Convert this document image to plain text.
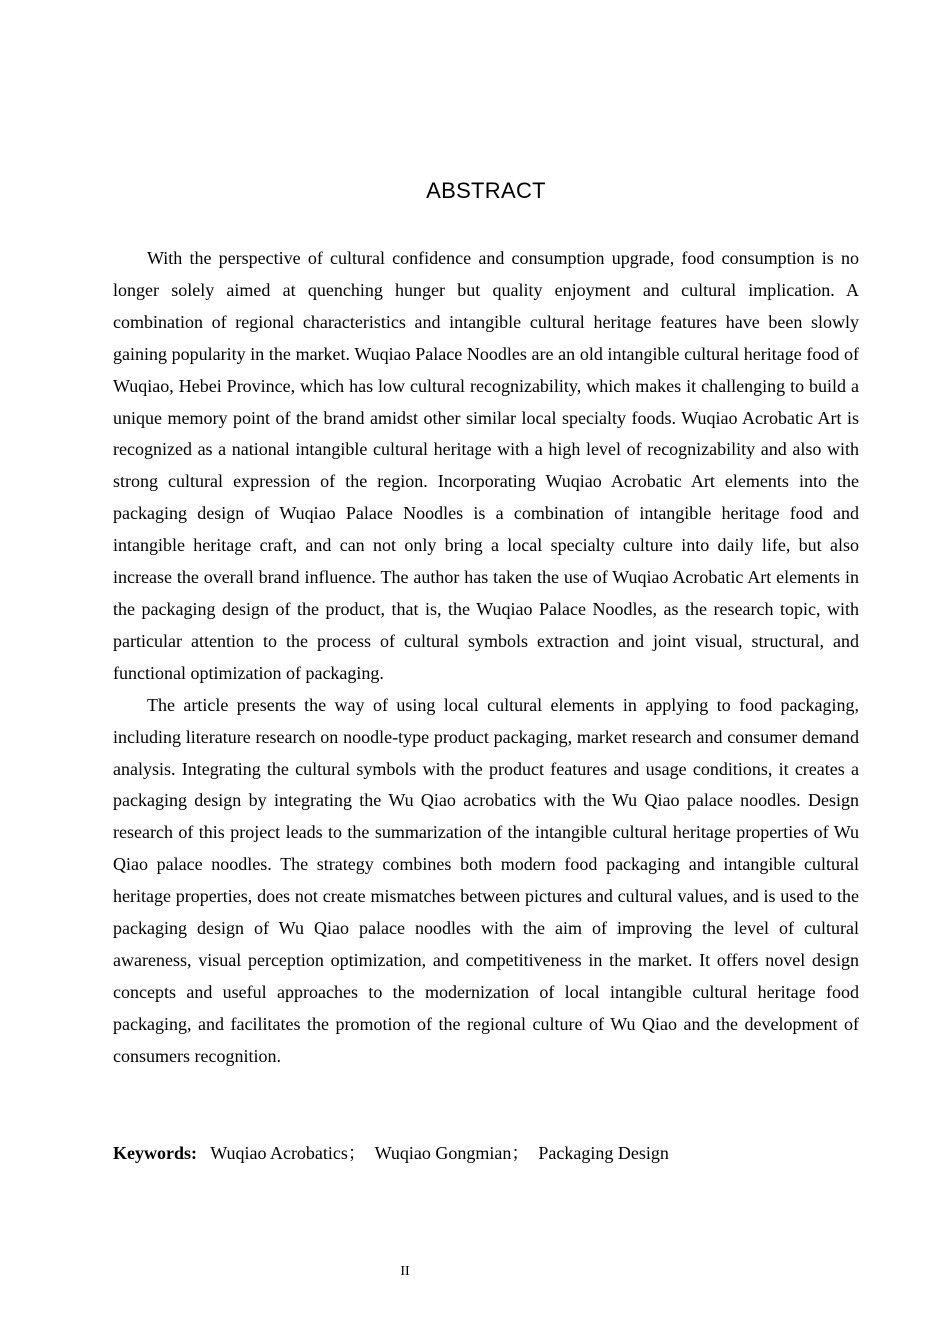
ABSTRACT

With the perspective of cultural confidence and consumption upgrade, food consumption is no longer solely aimed at quenching hunger but quality enjoyment and cultural implication. A combination of regional characteristics and intangible cultural heritage features have been slowly gaining popularity in the market. Wuqiao Palace Noodles are an old intangible cultural heritage food of Wuqiao, Hebei Province, which has low cultural recognizability, which makes it challenging to build a unique memory point of the brand amidst other similar local specialty foods. Wuqiao Acrobatic Art is recognized as a national intangible cultural heritage with a high level of recognizability and also with strong cultural expression of the region. Incorporating Wuqiao Acrobatic Art elements into the packaging design of Wuqiao Palace Noodles is a combination of intangible heritage food and intangible heritage craft, and can not only bring a local specialty culture into daily life, but also increase the overall brand influence. The author has taken the use of Wuqiao Acrobatic Art elements in the packaging design of the product, that is, the Wuqiao Palace Noodles, as the research topic, with particular attention to the process of cultural symbols extraction and joint visual, structural, and functional optimization of packaging.

The article presents the way of using local cultural elements in applying to food packaging, including literature research on noodle-type product packaging, market research and consumer demand analysis. Integrating the cultural symbols with the product features and usage conditions, it creates a packaging design by integrating the Wu Qiao acrobatics with the Wu Qiao palace noodles. Design research of this project leads to the summarization of the intangible cultural heritage properties of Wu Qiao palace noodles. The strategy combines both modern food packaging and intangible cultural heritage properties, does not create mismatches between pictures and cultural values, and is used to the packaging design of Wu Qiao palace noodles with the aim of improving the level of cultural awareness, visual perception optimization, and competitiveness in the market. It offers novel design concepts and useful approaches to the modernization of local intangible cultural heritage food packaging, and facilitates the promotion of the regional culture of Wu Qiao and the development of consumers recognition.

Keywords: Wuqiao Acrobatics； Wuqiao Gongmian； Packaging Design
II
